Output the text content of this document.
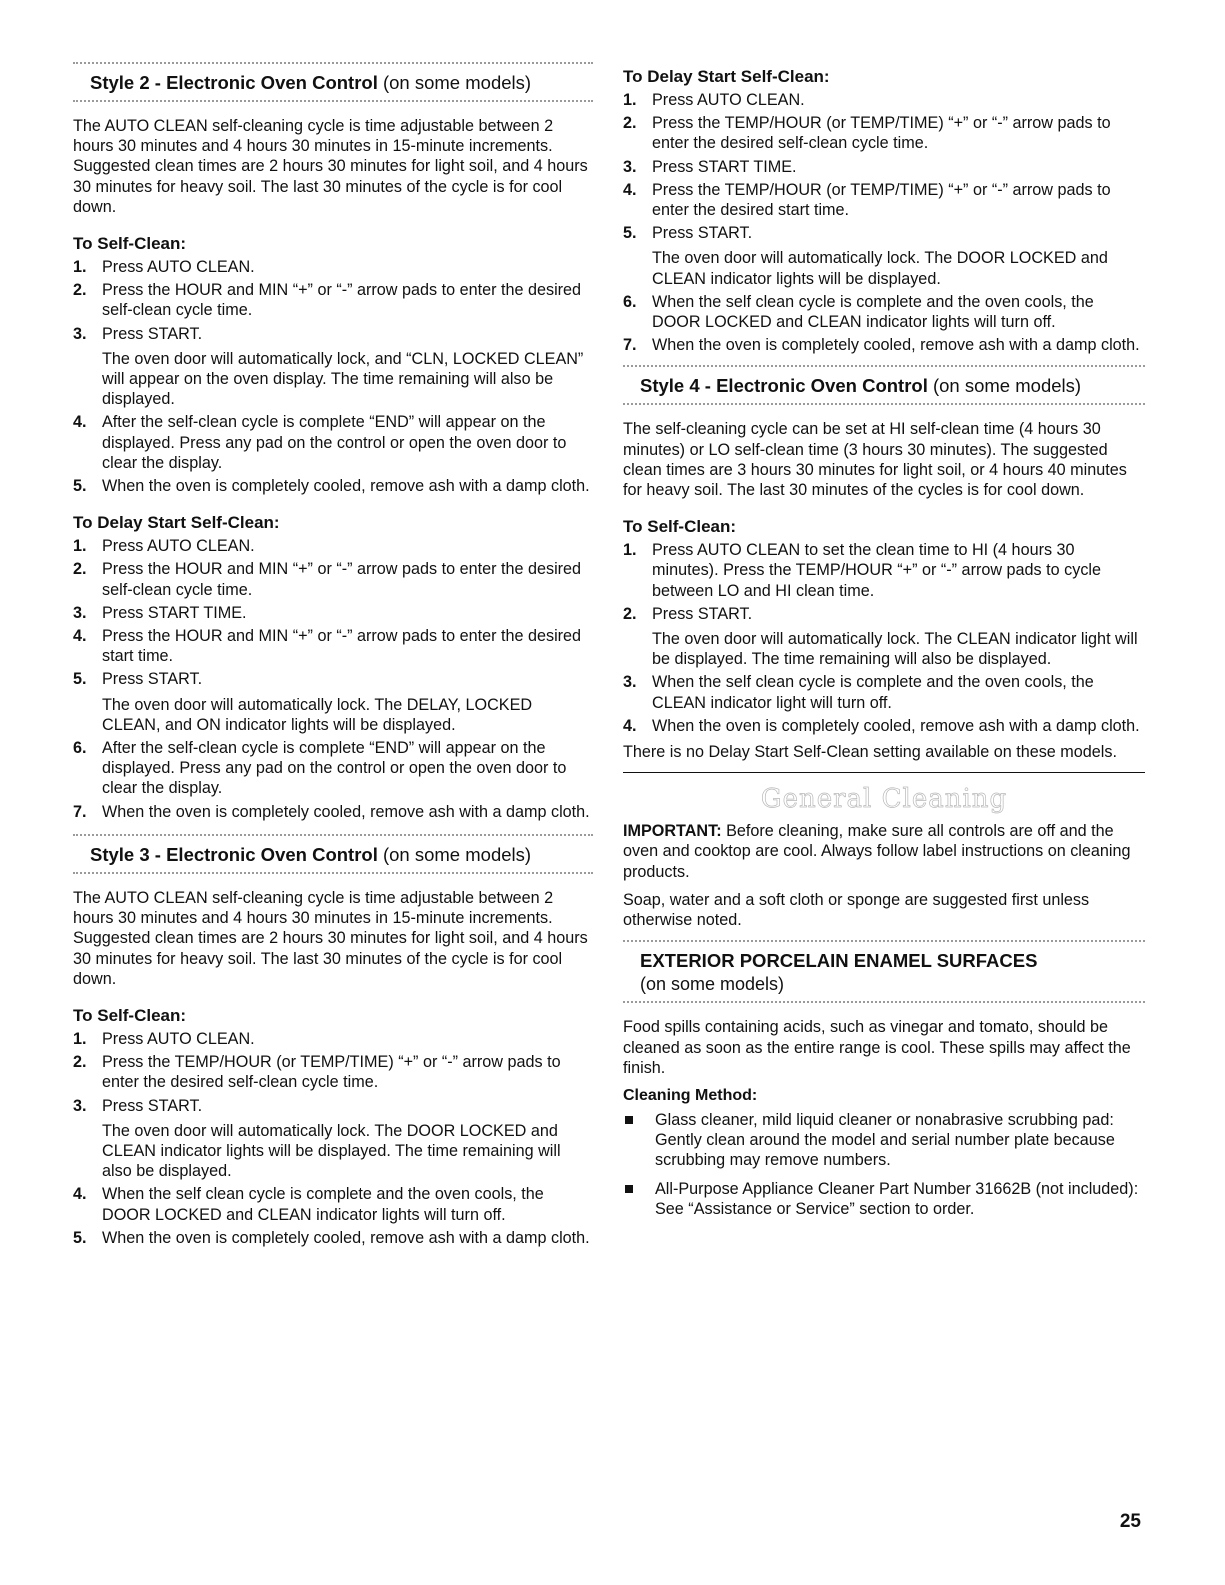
Style 2 - Electronic Oven Control (on some models)

The AUTO CLEAN self-cleaning cycle is time adjustable between 2 hours 30 minutes and 4 hours 30 minutes in 15-minute increments. Suggested clean times are 2 hours 30 minutes for light soil, and 4 hours 30 minutes for heavy soil. The last 30 minutes of the cycle is for cool down.

To Self-Clean:
1. Press AUTO CLEAN.
2. Press the HOUR and MIN “+” or “-” arrow pads to enter the desired self-clean cycle time.
3. Press START.
The oven door will automatically lock, and “CLN, LOCKED CLEAN” will appear on the oven display. The time remaining will also be displayed.
4. After the self-clean cycle is complete “END” will appear on the displayed. Press any pad on the control or open the oven door to clear the display.
5. When the oven is completely cooled, remove ash with a damp cloth.
To Delay Start Self-Clean:
1. Press AUTO CLEAN.
2. Press the HOUR and MIN “+” or “-” arrow pads to enter the desired self-clean cycle time.
3. Press START TIME.
4. Press the HOUR and MIN “+” or “-” arrow pads to enter the desired start time.
5. Press START.
The oven door will automatically lock. The DELAY, LOCKED CLEAN, and ON indicator lights will be displayed.
6. After the self-clean cycle is complete “END” will appear on the displayed. Press any pad on the control or open the oven door to clear the display.
7. When the oven is completely cooled, remove ash with a damp cloth.
Style 3 - Electronic Oven Control (on some models)

The AUTO CLEAN self-cleaning cycle is time adjustable between 2 hours 30 minutes and 4 hours 30 minutes in 15-minute increments. Suggested clean times are 2 hours 30 minutes for light soil, and 4 hours 30 minutes for heavy soil. The last 30 minutes of the cycle is for cool down.

To Self-Clean:
1. Press AUTO CLEAN.
2. Press the TEMP/HOUR (or TEMP/TIME) “+” or “-” arrow pads to enter the desired self-clean cycle time.
3. Press START.
The oven door will automatically lock. The DOOR LOCKED and CLEAN indicator lights will be displayed. The time remaining will also be displayed.
4. When the self clean cycle is complete and the oven cools, the DOOR LOCKED and CLEAN indicator lights will turn off.
5. When the oven is completely cooled, remove ash with a damp cloth.
To Delay Start Self-Clean:
1. Press AUTO CLEAN.
2. Press the TEMP/HOUR (or TEMP/TIME) “+” or “-” arrow pads to enter the desired self-clean cycle time.
3. Press START TIME.
4. Press the TEMP/HOUR (or TEMP/TIME) “+” or “-” arrow pads to enter the desired start time.
5. Press START.
The oven door will automatically lock. The DOOR LOCKED and CLEAN indicator lights will be displayed.
6. When the self clean cycle is complete and the oven cools, the DOOR LOCKED and CLEAN indicator lights will turn off.
7. When the oven is completely cooled, remove ash with a damp cloth.
Style 4 - Electronic Oven Control (on some models)

The self-cleaning cycle can be set at HI self-clean time (4 hours 30 minutes) or LO self-clean time (3 hours 30 minutes). The suggested clean times are 3 hours 30 minutes for light soil, or 4 hours 40 minutes for heavy soil. The last 30 minutes of the cycles is for cool down.

To Self-Clean:
1. Press AUTO CLEAN to set the clean time to HI (4 hours 30 minutes). Press the TEMP/HOUR “+” or “-” arrow pads to cycle between LO and HI clean time.
2. Press START.
The oven door will automatically lock. The CLEAN indicator light will be displayed. The time remaining will also be displayed.
3. When the self clean cycle is complete and the oven cools, the CLEAN indicator light will turn off.
4. When the oven is completely cooled, remove ash with a damp cloth.

There is no Delay Start Self-Clean setting available on these models.

General Cleaning

IMPORTANT: Before cleaning, make sure all controls are off and the oven and cooktop are cool. Always follow label instructions on cleaning products.

Soap, water and a soft cloth or sponge are suggested first unless otherwise noted.

EXTERIOR PORCELAIN ENAMEL SURFACES
(on some models)

Food spills containing acids, such as vinegar and tomato, should be cleaned as soon as the entire range is cool. These spills may affect the finish.

Cleaning Method:
Glass cleaner, mild liquid cleaner or nonabrasive scrubbing pad: Gently clean around the model and serial number plate because scrubbing may remove numbers.
All-Purpose Appliance Cleaner Part Number 31662B (not included):
See “Assistance or Service” section to order.
25
